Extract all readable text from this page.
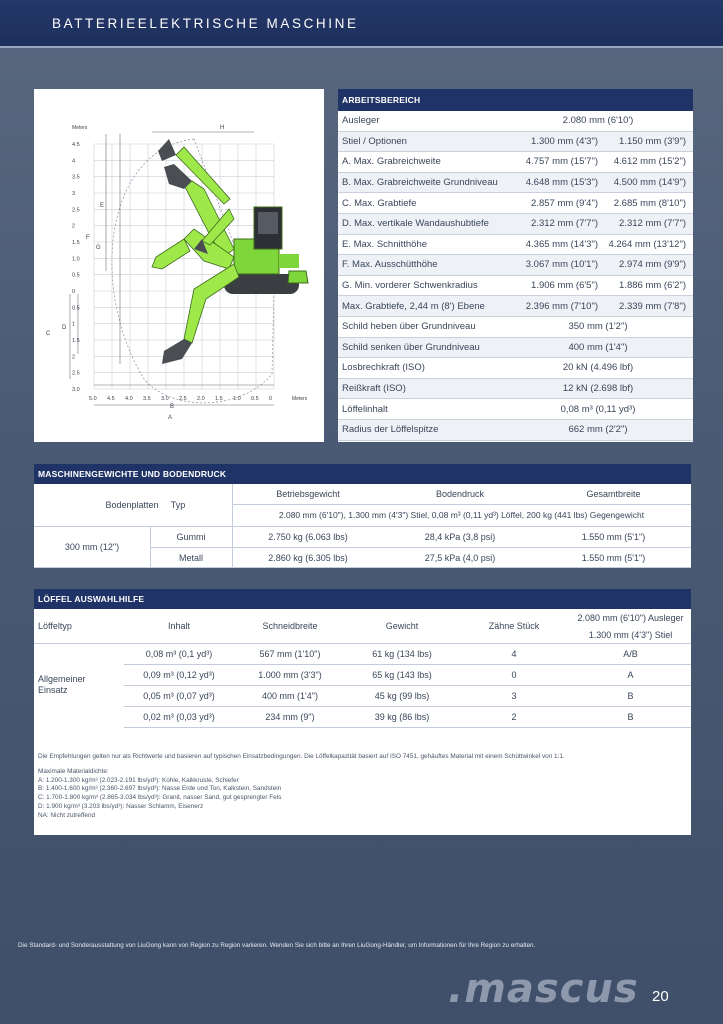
BATTERIEELEKTRISCHE MASCHINE
4.5
4
3.5
3
2.5
2
1.5
1.0
0.5
0
0.5
1
1.5
2
2.5
3.0
5.0 4.5 4.0 3.5 3.0 2.5 2.0 1.5 1.0 0.5 0
Meters
Meters
H
F
E
D
C
G
B
A
ARBEITSBEREICH
Ausleger	2.080 mm (6'10')
Stiel / Optionen	1.300 mm (4'3")	1.150 mm (3'9")
A. Max. Grabreichweite	4.757 mm (15'7")	4.612 mm (15'2")
B. Max. Grabreichweite Grundniveau	4.648 mm (15'3")	4.500 mm (14'9")
C. Max. Grabtiefe	2.857 mm (9'4")	2.685 mm (8'10")
D. Max. vertikale Wandaushubtiefe	2.312 mm (7'7")	2.312 mm (7'7")
E. Max. Schnitthöhe	4.365 mm (14'3")	4.264 mm (13'12")
F. Max. Ausschütthöhe	3.067 mm (10'1")	2.974 mm (9'9")
G. Min. vorderer Schwenkradius	1.906 mm (6'5")	1.886 mm (6'2")
Max. Grabtiefe, 2,44 m (8') Ebene	2.396 mm (7'10")	2.339 mm (7'8")
Schild heben über Grundniveau	350 mm (1'2")
Schild senken über Grundniveau	400 mm (1'4")
Losbrechkraft (ISO)	20 kN (4.496 lbf)
Reißkraft (ISO)	12 kN (2.698 lbf)
Löffelinhalt	0,08 m³ (0,11 yd³)
Radius der Löffelspitze	662 mm (2'2")
MASCHINENGEWICHTE UND BODENDRUCK
Bodenplatten	Typ
Betriebsgewicht	Bodendruck	Gesamtbreite
2.080 mm (6'10"), 1.300 mm (4'3") Stiel, 0,08 m³ (0,11 yd³) Löffel, 200 kg (441 lbs) Gegengewicht
300 mm (12")
Gummi	2.750 kg (6.063 lbs)	28,4 kPa (3,8 psi)	1.550 mm (5'1")
Metall	2.860 kg (6.305 lbs)	27,5 kPa (4,0 psi)	1.550 mm (5'1")
LÖFFEL AUSWAHLHILFE
Löffeltyp	Inhalt	Schneidbreite	Gewicht	Zähne Stück
2.080 mm (6'10") Ausleger
1.300 mm (4'3") Stiel
Allgemeiner Einsatz
0,08 m³ (0,1 yd³)	567 mm (1'10")	61 kg (134 lbs)	4	A/B
0,09 m³ (0,12 yd³)	1.000 mm (3'3")	65 kg (143 lbs)	0	A
0,05 m³ (0,07 yd³)	400 mm (1'4")	45 kg (99 lbs)	3	B
0,02 m³ (0,03 yd³)	234 mm (9")	39 kg (86 lbs)	2	B
Die Empfehlungen gelten nur als Richtwerte und basieren auf typischen Einsatzbedingungen. Die Löffelkapazität basiert auf ISO 7451, gehäuftes Material mit einem Schüttwinkel von 1:1.
Maximale Materialdichte:
A: 1.200-1.300 kg/m³ (2.023-2.191 lbs/yd³): Kohle, Kalkkruste, Schiefer
B: 1.400-1.600 kg/m³ (2.360-2.697 lbs/yd³): Nasse Erde und Ton, Kalkstein, Sandstein
C: 1.700-1.800 kg/m³ (2.865-3.034 lbs/yd³): Granit, nasser Sand, gut gesprengter Fels
D: 1.900 kg/m³ (3.203 lbs/yd³): Nasser Schlamm, Eisenerz
NA: Nicht zutreffend
Die Standard- und Sonderausstattung von LiuGong kann von Region zu Region variieren. Wenden Sie sich bitte an Ihren LiuGong-Händler, um Informationen für Ihre Region zu erhalten.
.mascus 20
